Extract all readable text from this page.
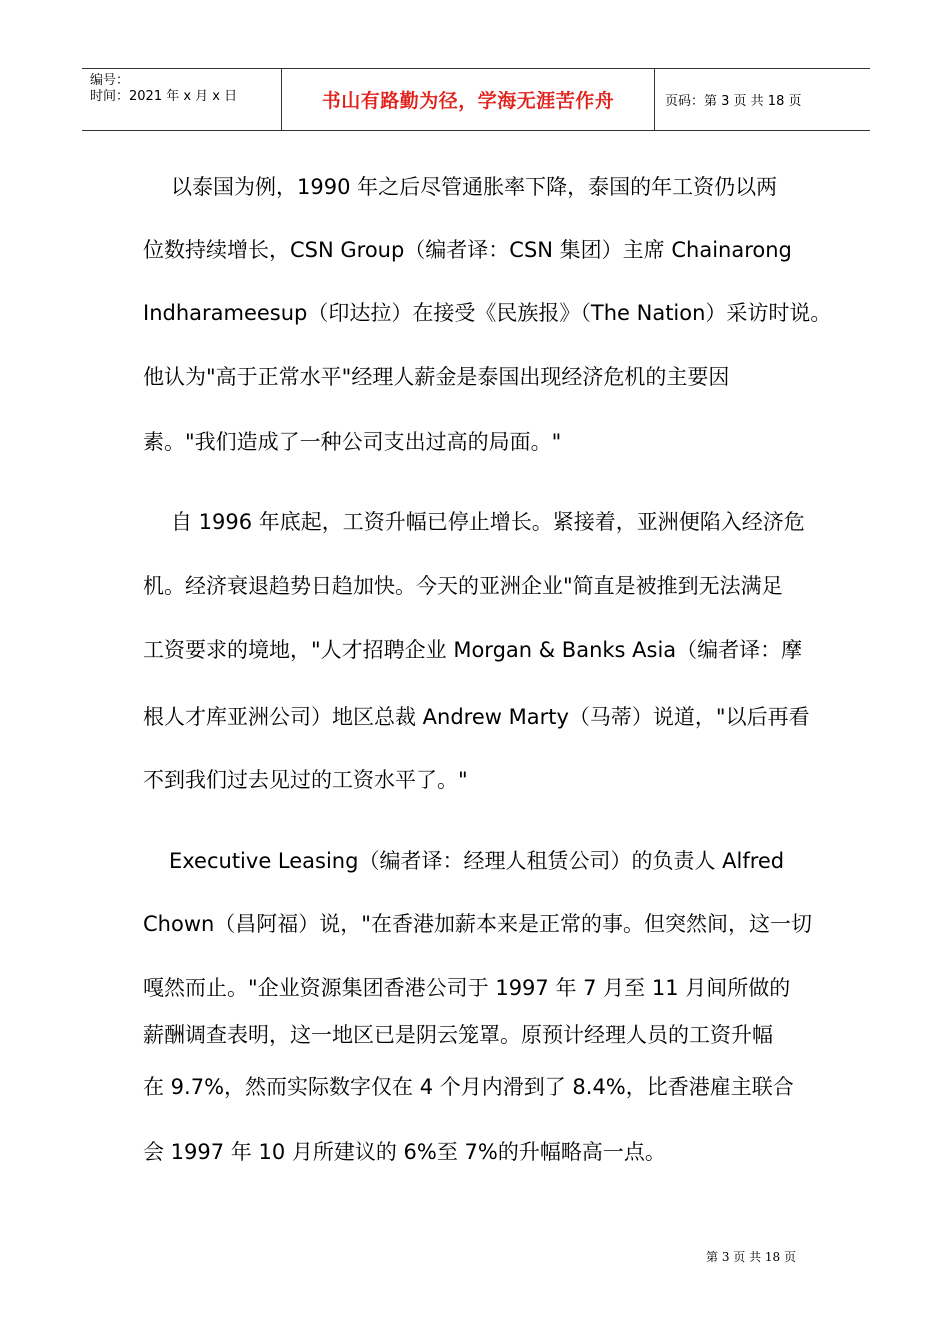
编号：
时间：2021 年 x 月 x 日	书山有路勤为径，学海无涯苦作舟	页码：第 3 页 共 18 页
以泰国为例，1990 年之后尽管通胀率下降，泰国的年工资仍以两
位数持续增长，CSN Group（编者译：CSN 集团）主席 Chainarong
Indharameesup（印达拉）在接受《民族报》（The Nation）采访时说。
他认为"高于正常水平"经理人薪金是泰国出现经济危机的主要因
素。"我们造成了一种公司支出过高的局面。"
自 1996 年底起，工资升幅已停止增长。紧接着，亚洲便陷入经济危
机。经济衰退趋势日趋加快。今天的亚洲企业"简直是被推到无法满足
工资要求的境地，"人才招聘企业 Morgan & Banks Asia（编者译：摩
根人才库亚洲公司）地区总裁 Andrew Marty（马蒂）说道，"以后再看
不到我们过去见过的工资水平了。"
Executive Leasing（编者译：经理人租赁公司）的负责人 Alfred
Chown（昌阿福）说，"在香港加薪本来是正常的事。但突然间，这一切
嘎然而止。"企业资源集团香港公司于 1997 年 7 月至 11 月间所做的
薪酬调查表明，这一地区已是阴云笼罩。原预计经理人员的工资升幅
在 9.7%，然而实际数字仅在 4 个月内滑到了 8.4%，比香港雇主联合
会 1997 年 10 月所建议的 6%至 7%的升幅略高一点。
第 3 页 共 18 页
